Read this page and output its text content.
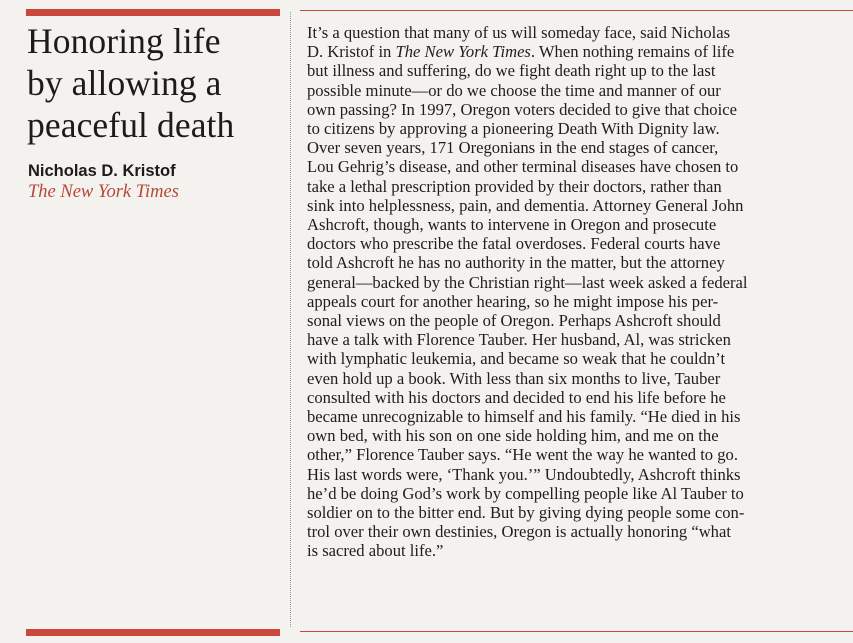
Honoring life
by allowing a
peaceful death
Nicholas D. Kristof
The New York Times
It’s a question that many of us will someday face, said Nicholas
D. Kristof in The New York Times. When nothing remains of life
but illness and suffering, do we fight death right up to the last
possible minute—or do we choose the time and manner of our
own passing? In 1997, Oregon voters decided to give that choice
to citizens by approving a pioneering Death With Dignity law.
Over seven years, 171 Oregonians in the end stages of cancer,
Lou Gehrig’s disease, and other terminal diseases have chosen to
take a lethal prescription provided by their doctors, rather than
sink into helplessness, pain, and dementia. Attorney General John
Ashcroft, though, wants to intervene in Oregon and prosecute
doctors who prescribe the fatal overdoses. Federal courts have
told Ashcroft he has no authority in the matter, but the attorney
general—backed by the Christian right—last week asked a federal
appeals court for another hearing, so he might impose his per-
sonal views on the people of Oregon. Perhaps Ashcroft should
have a talk with Florence Tauber. Her husband, Al, was stricken
with lymphatic leukemia, and became so weak that he couldn’t
even hold up a book. With less than six months to live, Tauber
consulted with his doctors and decided to end his life before he
became unrecognizable to himself and his family. “He died in his
own bed, with his son on one side holding him, and me on the
other,” Florence Tauber says. “He went the way he wanted to go.
His last words were, ‘Thank you.’” Undoubtedly, Ashcroft thinks
he’d be doing God’s work by compelling people like Al Tauber to
soldier on to the bitter end. But by giving dying people some con-
trol over their own destinies, Oregon is actually honoring “what
is sacred about life.”
